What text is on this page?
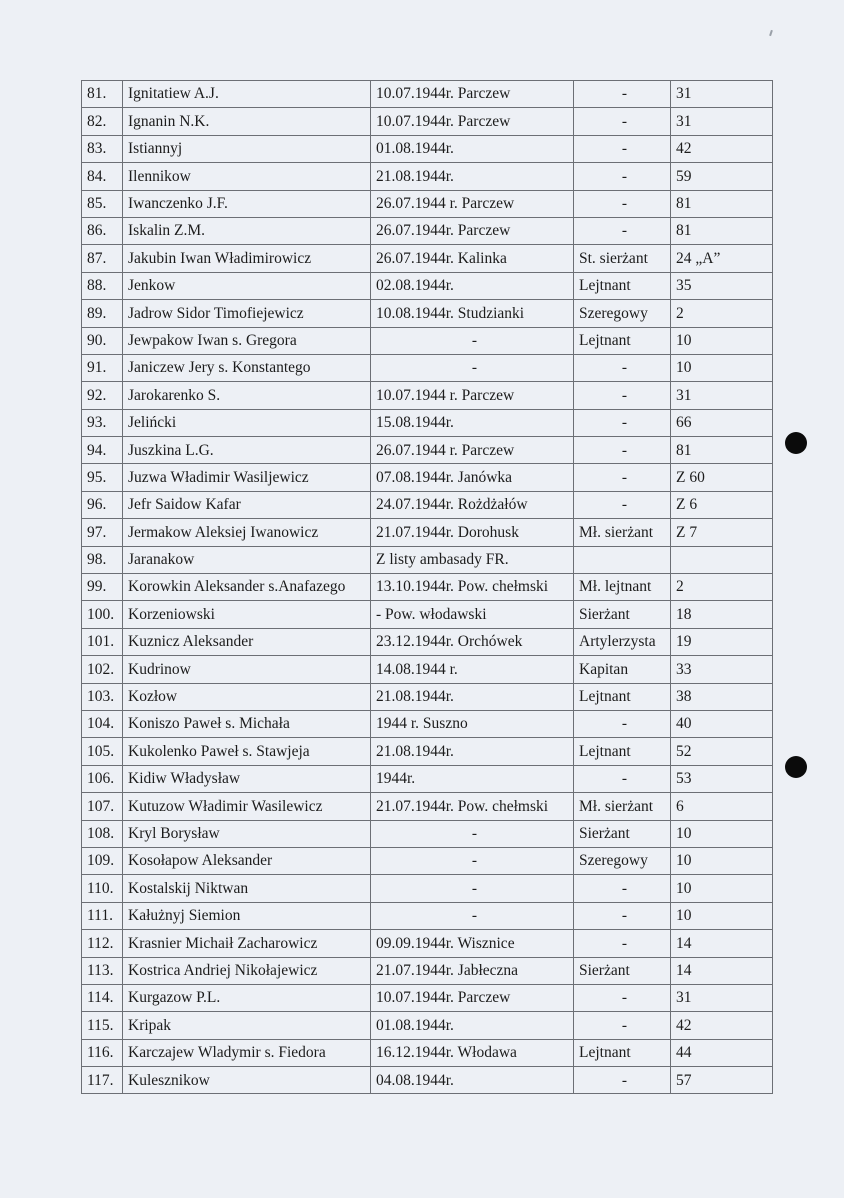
81.	Ignitatiew A.J.	10.07.1944r. Parczew	-	31
82.	Ignanin N.K.	10.07.1944r. Parczew	-	31
83.	Istiannyj	01.08.1944r.	-	42
84.	Ilennikow	21.08.1944r.	-	59
85.	Iwanczenko J.F.	26.07.1944 r. Parczew	-	81
86.	Iskalin Z.M.	26.07.1944r. Parczew	-	81
87.	Jakubin Iwan Władimirowicz	26.07.1944r. Kalinka	St. sierżant	24 „A”
88.	Jenkow	02.08.1944r.	Lejtnant	35
89.	Jadrow Sidor Timofiejewicz	10.08.1944r. Studzianki	Szeregowy	2
90.	Jewpakow Iwan s. Gregora	-	Lejtnant	10
91.	Janiczew Jery s. Konstantego	-	-	10
92.	Jarokarenko S.	10.07.1944 r. Parczew	-	31
93.	Jelińcki	15.08.1944r.	-	66
94.	Juszkina L.G.	26.07.1944 r. Parczew	-	81
95.	Juzwa Władimir Wasiljewicz	07.08.1944r. Janówka	-	Z 60
96.	Jefr Saidow Kafar	24.07.1944r. Rożdżałów	-	Z 6
97.	Jermakow Aleksiej Iwanowicz	21.07.1944r. Dorohusk	Mł. sierżant	Z 7
98.	Jaranakow	Z listy ambasady FR.		
99.	Korowkin Aleksander s.Anafazego	13.10.1944r. Pow. chełmski	Mł. lejtnant	2
100.	Korzeniowski	- Pow. włodawski	Sierżant	18
101.	Kuznicz Aleksander	23.12.1944r. Orchówek	Artylerzysta	19
102.	Kudrinow	14.08.1944 r.	Kapitan	33
103.	Kozłow	21.08.1944r.	Lejtnant	38
104.	Koniszo Paweł s. Michała	1944 r. Suszno	-	40
105.	Kukolenko Paweł s. Stawjeja	21.08.1944r.	Lejtnant	52
106.	Kidiw Władysław	1944r.	-	53
107.	Kutuzow Władimir Wasilewicz	21.07.1944r. Pow. chełmski	Mł. sierżant	6
108.	Kryl Borysław	-	Sierżant	10
109.	Kosołapow Aleksander	-	Szeregowy	10
110.	Kostalskij Niktwan	-	-	10
111.	Kałużnyj Siemion	-	-	10
112.	Krasnier Michaił Zacharowicz	09.09.1944r. Wisznice	-	14
113.	Kostrica Andriej Nikołajewicz	21.07.1944r. Jabłeczna	Sierżant	14
114.	Kurgazow P.L.	10.07.1944r. Parczew	-	31
115.	Kripak	01.08.1944r.	-	42
116.	Karczajew Wladymir s. Fiedora	16.12.1944r. Włodawa	Lejtnant	44
117.	Kulesznikow	04.08.1944r.	-	57
